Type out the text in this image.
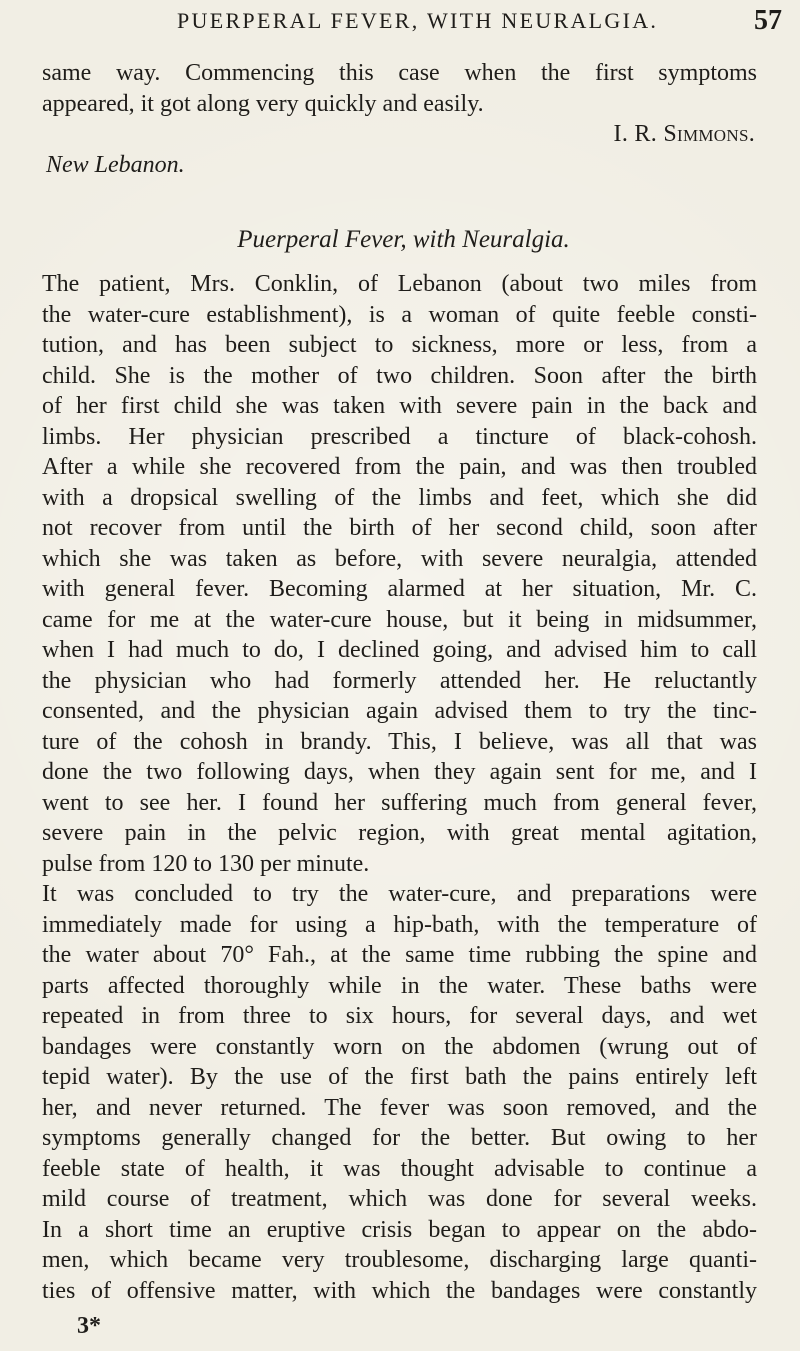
PUERPERAL FEVER, WITH NEURALGIA.	57
same way. Commencing this case when the first symptoms
appeared, it got along very quickly and easily.
I. R. Simmons.
New Lebanon.
Puerperal Fever, with Neuralgia.
The patient, Mrs. Conklin, of Lebanon (about two miles from
the water-cure establishment), is a woman of quite feeble consti-
tution, and has been subject to sickness, more or less, from a
child. She is the mother of two children. Soon after the birth
of her first child she was taken with severe pain in the back and
limbs. Her physician prescribed a tincture of black-cohosh.
After a while she recovered from the pain, and was then troubled
with a dropsical swelling of the limbs and feet, which she did
not recover from until the birth of her second child, soon after
which she was taken as before, with severe neuralgia, attended
with general fever. Becoming alarmed at her situation, Mr. C.
came for me at the water-cure house, but it being in midsummer,
when I had much to do, I declined going, and advised him to call
the physician who had formerly attended her. He reluctantly
consented, and the physician again advised them to try the tinc-
ture of the cohosh in brandy. This, I believe, was all that was
done the two following days, when they again sent for me, and I
went to see her. I found her suffering much from general fever,
severe pain in the pelvic region, with great mental agitation,
pulse from 120 to 130 per minute.
It was concluded to try the water-cure, and preparations were
immediately made for using a hip-bath, with the temperature of
the water about 70° Fah., at the same time rubbing the spine and
parts affected thoroughly while in the water. These baths were
repeated in from three to six hours, for several days, and wet
bandages were constantly worn on the abdomen (wrung out of
tepid water). By the use of the first bath the pains entirely left
her, and never returned. The fever was soon removed, and the
symptoms generally changed for the better. But owing to her
feeble state of health, it was thought advisable to continue a
mild course of treatment, which was done for several weeks.
In a short time an eruptive crisis began to appear on the abdo-
men, which became very troublesome, discharging large quanti-
ties of offensive matter, with which the bandages were constantly
3*
